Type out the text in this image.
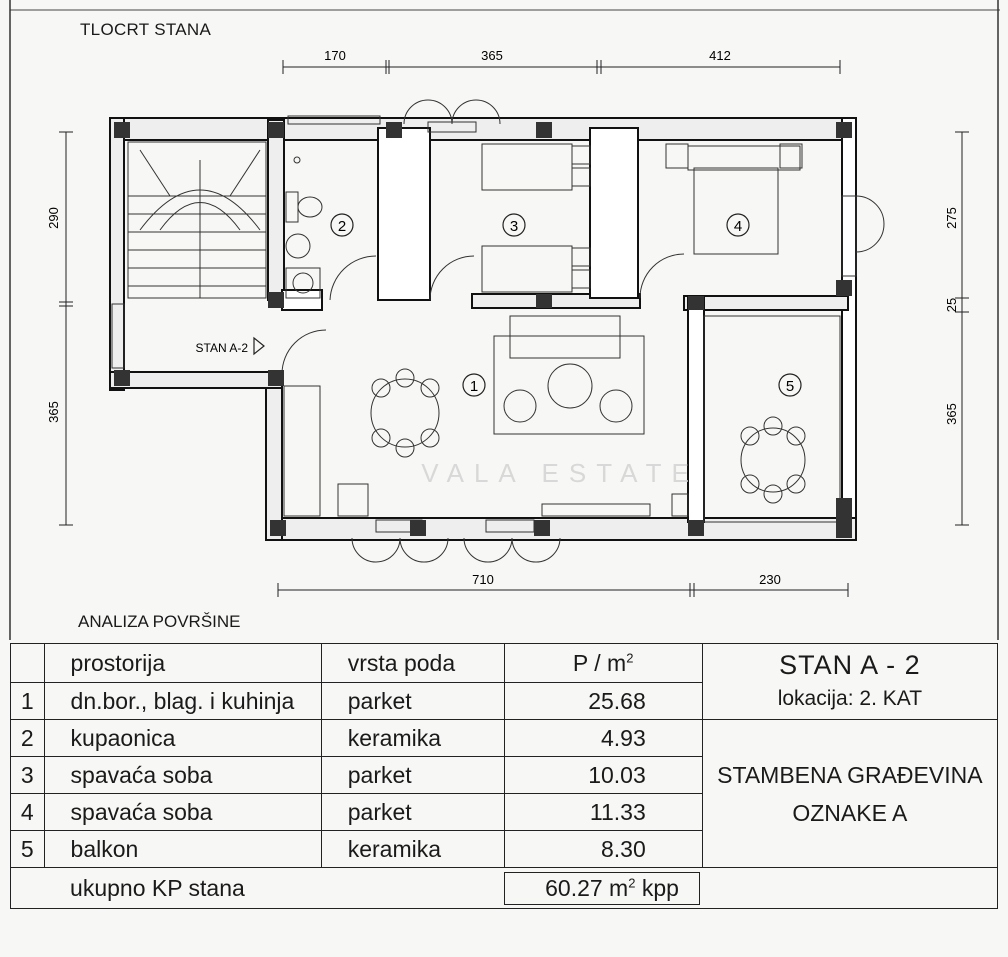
TLOCRT STANA
170	365	412
710	230
290
365
275
25
365
1
2	3	4
5
STAN A-2
VALA ESTATE
ANALIZA POVRŠINE
	prostorija	vrsta poda	P / $m^2$	STAN A - 2
lokacija: 2. KAT

1	dn.bor., blag. i kuhinja	parket	25.68	
2	kupaonica	keramika	4.93	STAMBENA GRAĐEVINA
OZNAKE A

3	spavaća soba	parket	10.03	
4	spavaća soba	parket	11.33	
5	balkon	keramika	8.30	
	ukupno KP stana		60.27 $m^2$ kpp	
